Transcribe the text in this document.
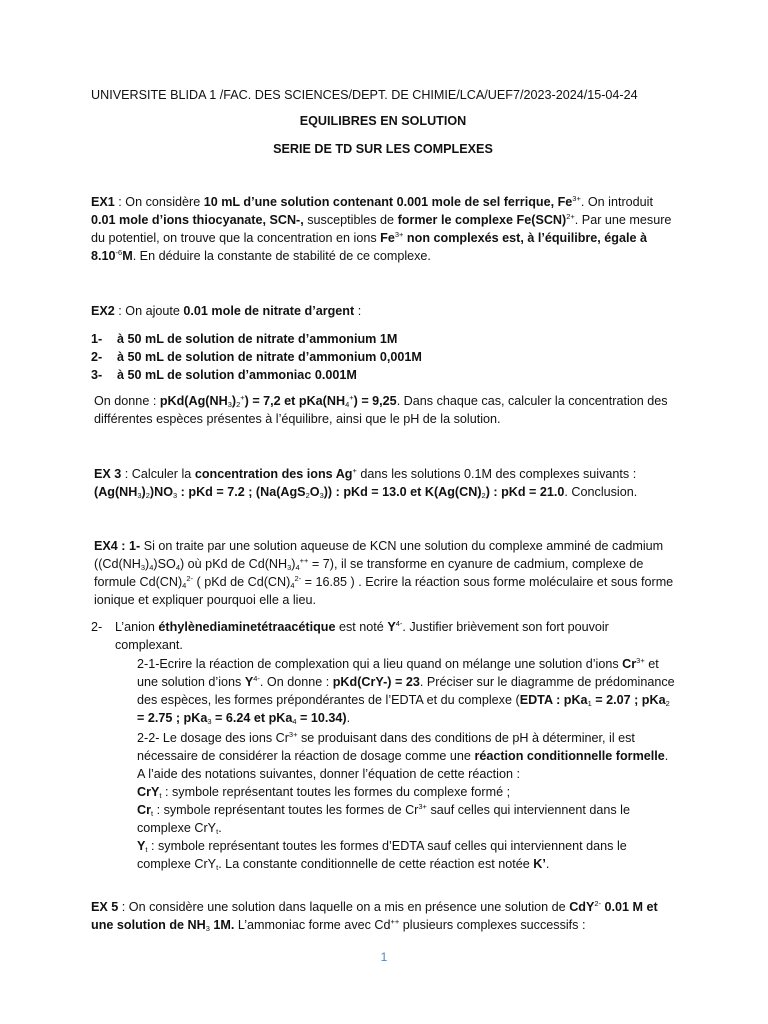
UNIVERSITE BLIDA 1 /FAC. DES SCIENCES/DEPT. DE CHIMIE/LCA/UEF7/2023-2024/15-04-24

EQUILIBRES EN SOLUTION

SERIE DE TD SUR LES COMPLEXES

EX1 : On considère 10 mL d’une solution contenant 0.001 mole de sel ferrique, $Fe^{3+}$. On introduit 0.01 mole d’ions thiocyanate, SCN-, susceptibles de former le complexe Fe(SCN)$^{2+}$. Par une mesure du potentiel, on trouve que la concentration en ions $Fe^{3+}$ non complexés est, à l’équilibre, égale à $8.10^{-6}M$. En déduire la constante de stabilité de ce complexe.

EX2 : On ajoute 0.01 mole de nitrate d’argent :

1- à 50 mL de solution de nitrate d’ammonium 1M
2- à 50 mL de solution de nitrate d’ammonium 0,001M
3- à 50 mL de solution d’ammoniac 0.001M

On donne : $pKd(Ag(NH_3)_2^+) = 7,2$ et $pKa(NH_4^+) = 9,25$. Dans chaque cas, calculer la concentration des différentes espèces présentes à l’équilibre, ainsi que le pH de la solution.

EX 3 : Calculer la concentration des ions Ag+ dans les solutions 0.1M des complexes suivants : $(Ag(NH_3)_2)NO_3$ : pKd = 7.2 ; $(Na(AgS_2O_3))$ : pKd = 13.0 et $K(Ag(CN)_2)$ : pKd = 21.0. Conclusion.

EX4 : 1- Si on traite par une solution aqueuse de KCN une solution du complexe amminé de cadmium $((Cd(NH_3)_4)SO_4)$ où pKd de $Cd(NH_3)_4^{++} = 7$), il se transforme en cyanure de cadmium, complexe de formule $Cd(CN)_4^{2-}$ ( pKd de $Cd(CN)_4^{2-} = 16.85$ ) . Ecrire la réaction sous forme moléculaire et sous forme ionique et expliquer pourquoi elle a lieu.

2- L’anion éthylènediaminetétraacétique est noté $Y^{4-}$. Justifier brièvement son fort pouvoir complexant.
2-1-Ecrire la réaction de complexation qui a lieu quand on mélange une solution d’ions $Cr^{3+}$ et une solution d’ions $Y^{4-}$. On donne : pKd(CrY-) = 23. Préciser sur le diagramme de prédominance des espèces, les formes prépondérantes de l’EDTA et du complexe (EDTA : pKa$_1$ = 2.07 ; pKa$_2$ = 2.75 ; pKa$_3$ = 6.24 et pKa$_4$ = 10.34).
2-2- Le dosage des ions $Cr^{3+}$ se produisant dans des conditions de pH à déterminer, il est nécessaire de considérer la réaction de dosage comme une réaction conditionnelle formelle.
A l’aide des notations suivantes, donner l’équation de cette réaction :
CrY$_t$ : symbole représentant toutes les formes du complexe formé ;
$Cr_t$ : symbole représentant toutes les formes de $Cr^{3+}$ sauf celles qui interviennent dans le complexe CrY$_t$.
$Y_t$ : symbole représentant toutes les formes d’EDTA sauf celles qui interviennent dans le complexe CrY$_t$. La constante conditionnelle de cette réaction est notée K’.

EX 5 : On considère une solution dans laquelle on a mis en présence une solution de CdY$^{2-}$ 0.01 M et une solution de $NH_3$ 1M. L’ammoniac forme avec Cd++ plusieurs complexes successifs :

1
